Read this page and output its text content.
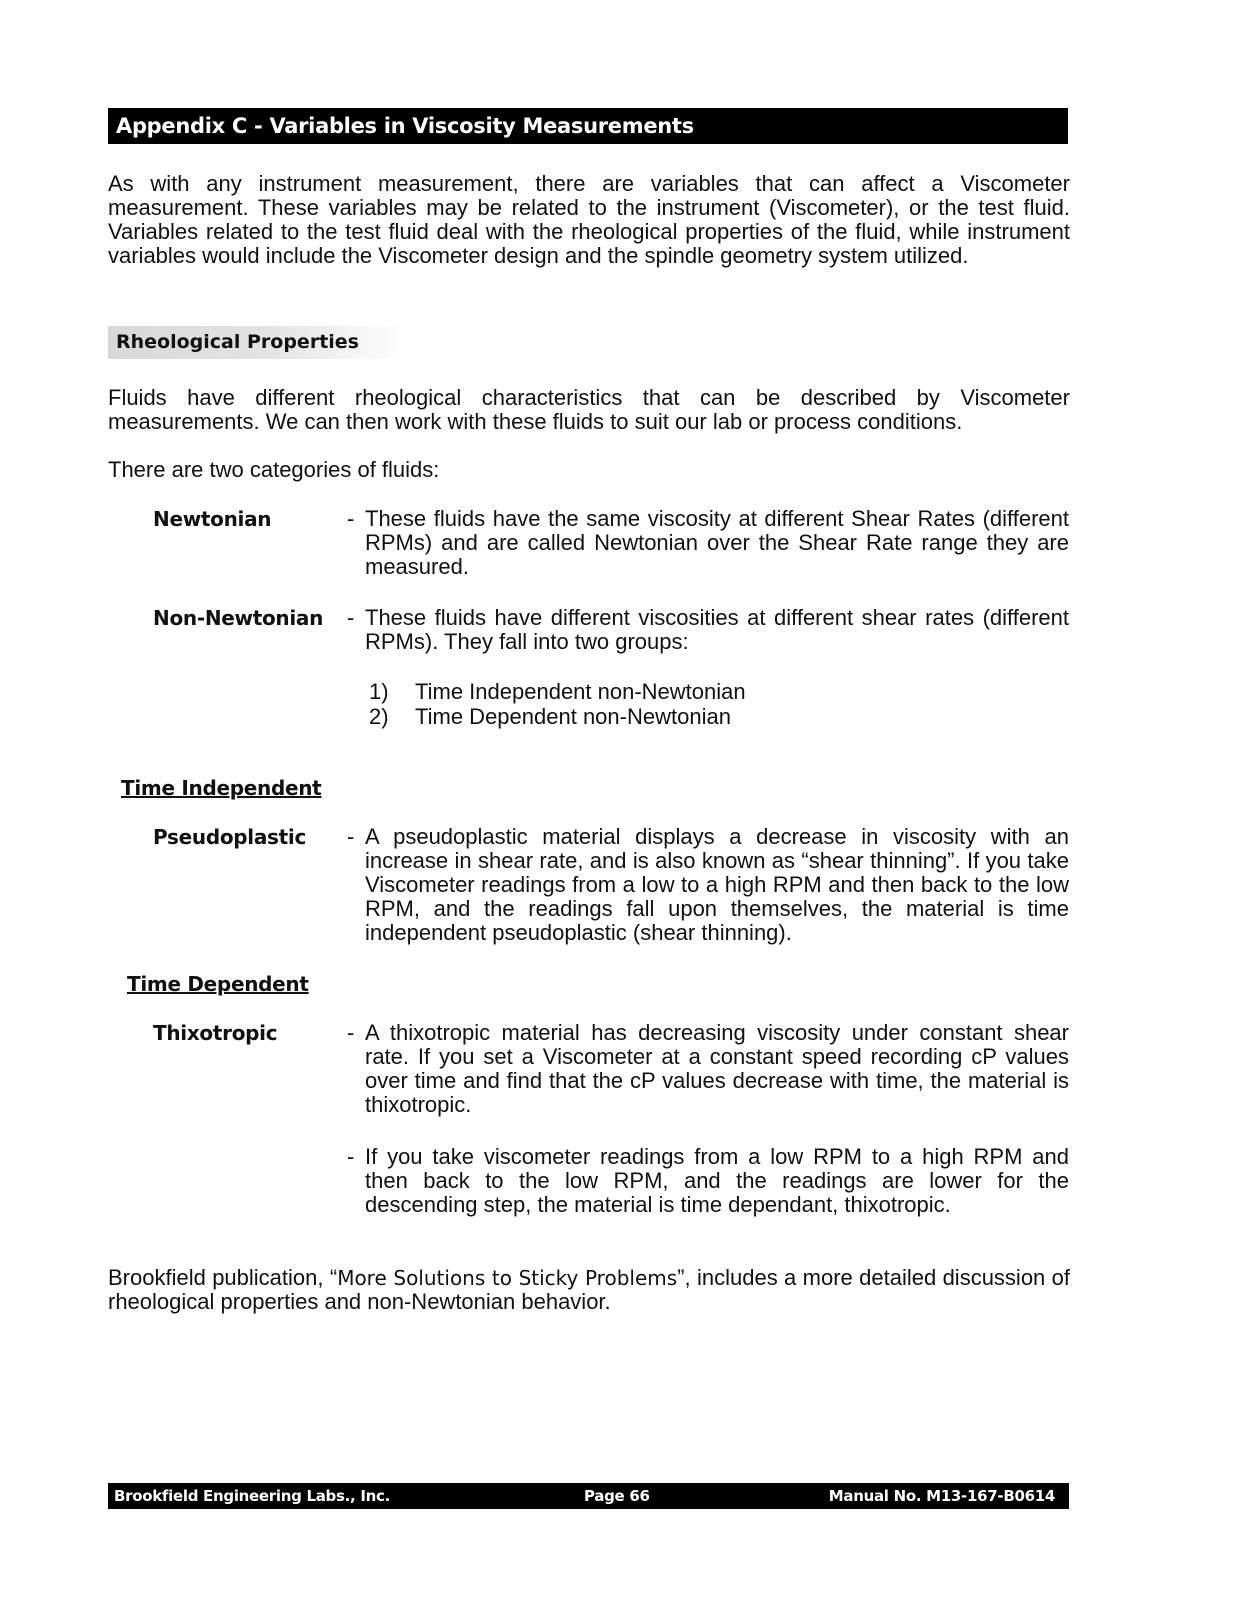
Appendix C - Variables in Viscosity Measurements

As with any instrument measurement, there are variables that can affect a Viscometer measurement. These variables may be related to the instrument (Viscometer), or the test fluid. Variables related to the test fluid deal with the rheological properties of the fluid, while instrument variables would include the Viscometer design and the spindle geometry system utilized.

Rheological Properties

Fluids have different rheological characteristics that can be described by Viscometer measurements. We can then work with these fluids to suit our lab or process conditions.

There are two categories of fluids:

Newtonian	- These fluids have the same viscosity at different Shear Rates (different RPMs) and are called Newtonian over the Shear Rate range they are measured.

Non-Newtonian - These fluids have different viscosities at different shear rates (different RPMs). They fall into two groups:

1) Time Independent non-Newtonian
2) Time Dependent non-Newtonian
Time Independent
Pseudoplastic - A pseudoplastic material displays a decrease in viscosity with an increase in shear rate, and is also known as “shear thinning”. If you take Viscometer readings from a low to a high RPM and then back to the low RPM, and the readings fall upon themselves, the material is time independent pseudoplastic (shear thinning).

Time Dependent
Thixotropic	- A thixotropic material has decreasing viscosity under constant shear rate. If you set a Viscometer at a constant speed recording cP values over time and find that the cP values decrease with time, the material is thixotropic.

- If you take viscometer readings from a low RPM to a high RPM and then back to the low RPM, and the readings are lower for the descending step, the material is time dependant, thixotropic.

Brookfield publication, “More Solutions to Sticky Problems”, includes a more detailed discussion of rheological properties and non-Newtonian behavior.

Brookfield Engineering Labs., Inc.	Page 66	Manual No. M13-167-B0614
